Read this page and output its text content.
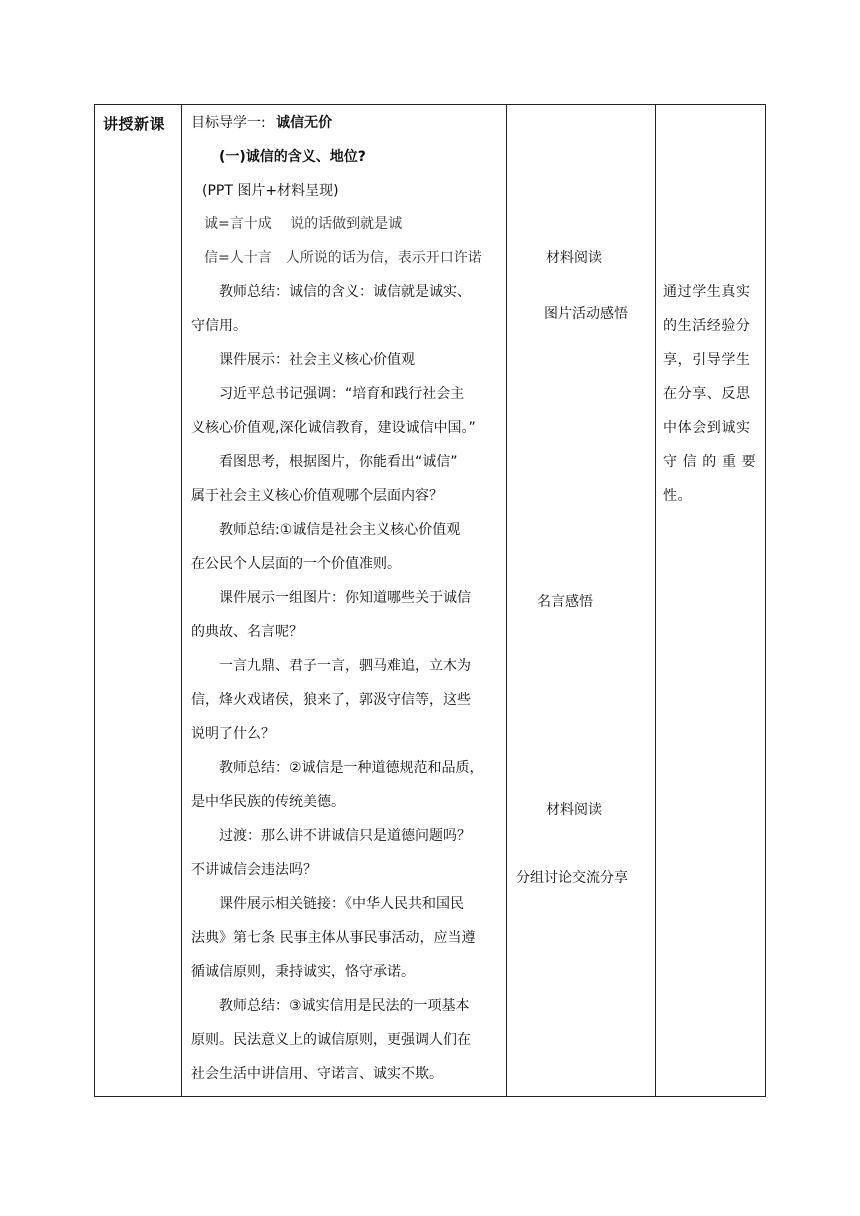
讲授新课 目标导学一: 诚信无价
(一)诚信的含义、地位?
(PPT 图片+材料呈现)
诚=言十成　 说的话做到就是诚
信=人十言　人所说的话为信，表示开口许诺
教师总结：诚信的含义：诚信就是诚实、
守信用。
课件展示：社会主义核心价值观
习近平总书记强调：“培育和践行社会主
义核心价值观,深化诚信教育，建设诚信中国。”
看图思考，根据图片，你能看出“诚信”
属于社会主义核心价值观哪个层面内容？
教师总结:①诚信是社会主义核心价值观
在公民个人层面的一个价值准则。
课件展示一组图片：你知道哪些关于诚信
的典故、名言呢？
一言九鼎、君子一言，驷马难追，立木为
信，烽火戏诸侯，狼来了，郭汲守信等，这些
说明了什么？
教师总结：②诚信是一种道德规范和品质，
是中华民族的传统美德。
过渡：那么讲不讲诚信只是道德问题吗？
不讲诚信会违法吗？
课件展示相关链接：《中华人民共和国民
法典》第七条 民事主体从事民事活动，应当遵
循诚信原则，秉持诚实，恪守承诺。
教师总结：③诚实信用是民法的一项基本
原则。民法意义上的诚信原则，更强调人们在
社会生活中讲信用、守诺言、诚实不欺。
材料阅读
图片活动感悟
名言感悟
材料阅读
分组讨论交流分享
通过学生真实
的生活经验分
享，引导学生
在分享、反思
中体会到诚实
守 信 的 重 要
性。
